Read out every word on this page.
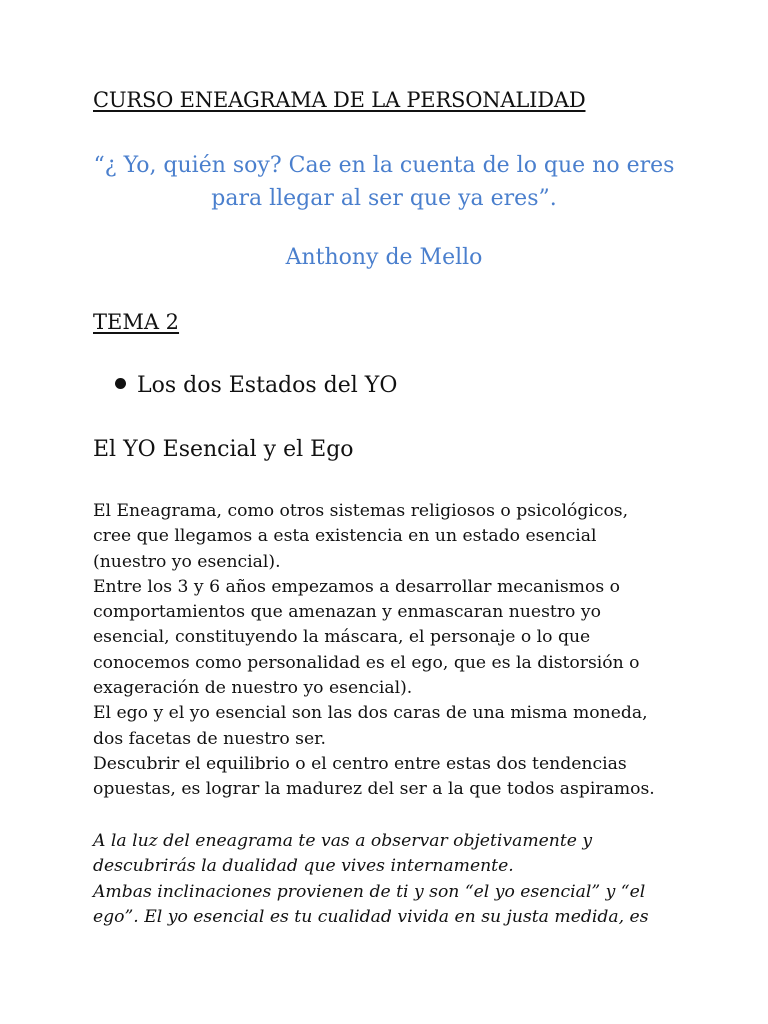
CURSO ENEAGRAMA DE LA PERSONALIDAD
“¿ Yo, quién soy? Cae en la cuenta de lo que no eres
para llegar al ser que ya eres”.
Anthony de Mello
TEMA 2
Los dos Estados del YO
El YO Esencial y el Ego
El Eneagrama, como otros sistemas religiosos o psicológicos,
cree que llegamos a esta existencia en un estado esencial
(nuestro yo esencial).
Entre los 3 y 6 años empezamos a desarrollar mecanismos o
comportamientos que amenazan y enmascaran nuestro yo
esencial, constituyendo la máscara, el personaje o lo que
conocemos como personalidad es el ego, que es la distorsión o
exageración de nuestro yo esencial).
El ego y el yo esencial son las dos caras de una misma moneda,
dos facetas de nuestro ser.
Descubrir el equilibrio o el centro entre estas dos tendencias
opuestas, es lograr la madurez del ser a la que todos aspiramos.
A la luz del eneagrama te vas a observar objetivamente y
descubrirás la dualidad que vives internamente.
Ambas inclinaciones provienen de ti y son “el yo esencial” y “el
ego”. El yo esencial es tu cualidad vivida en su justa medida, es
